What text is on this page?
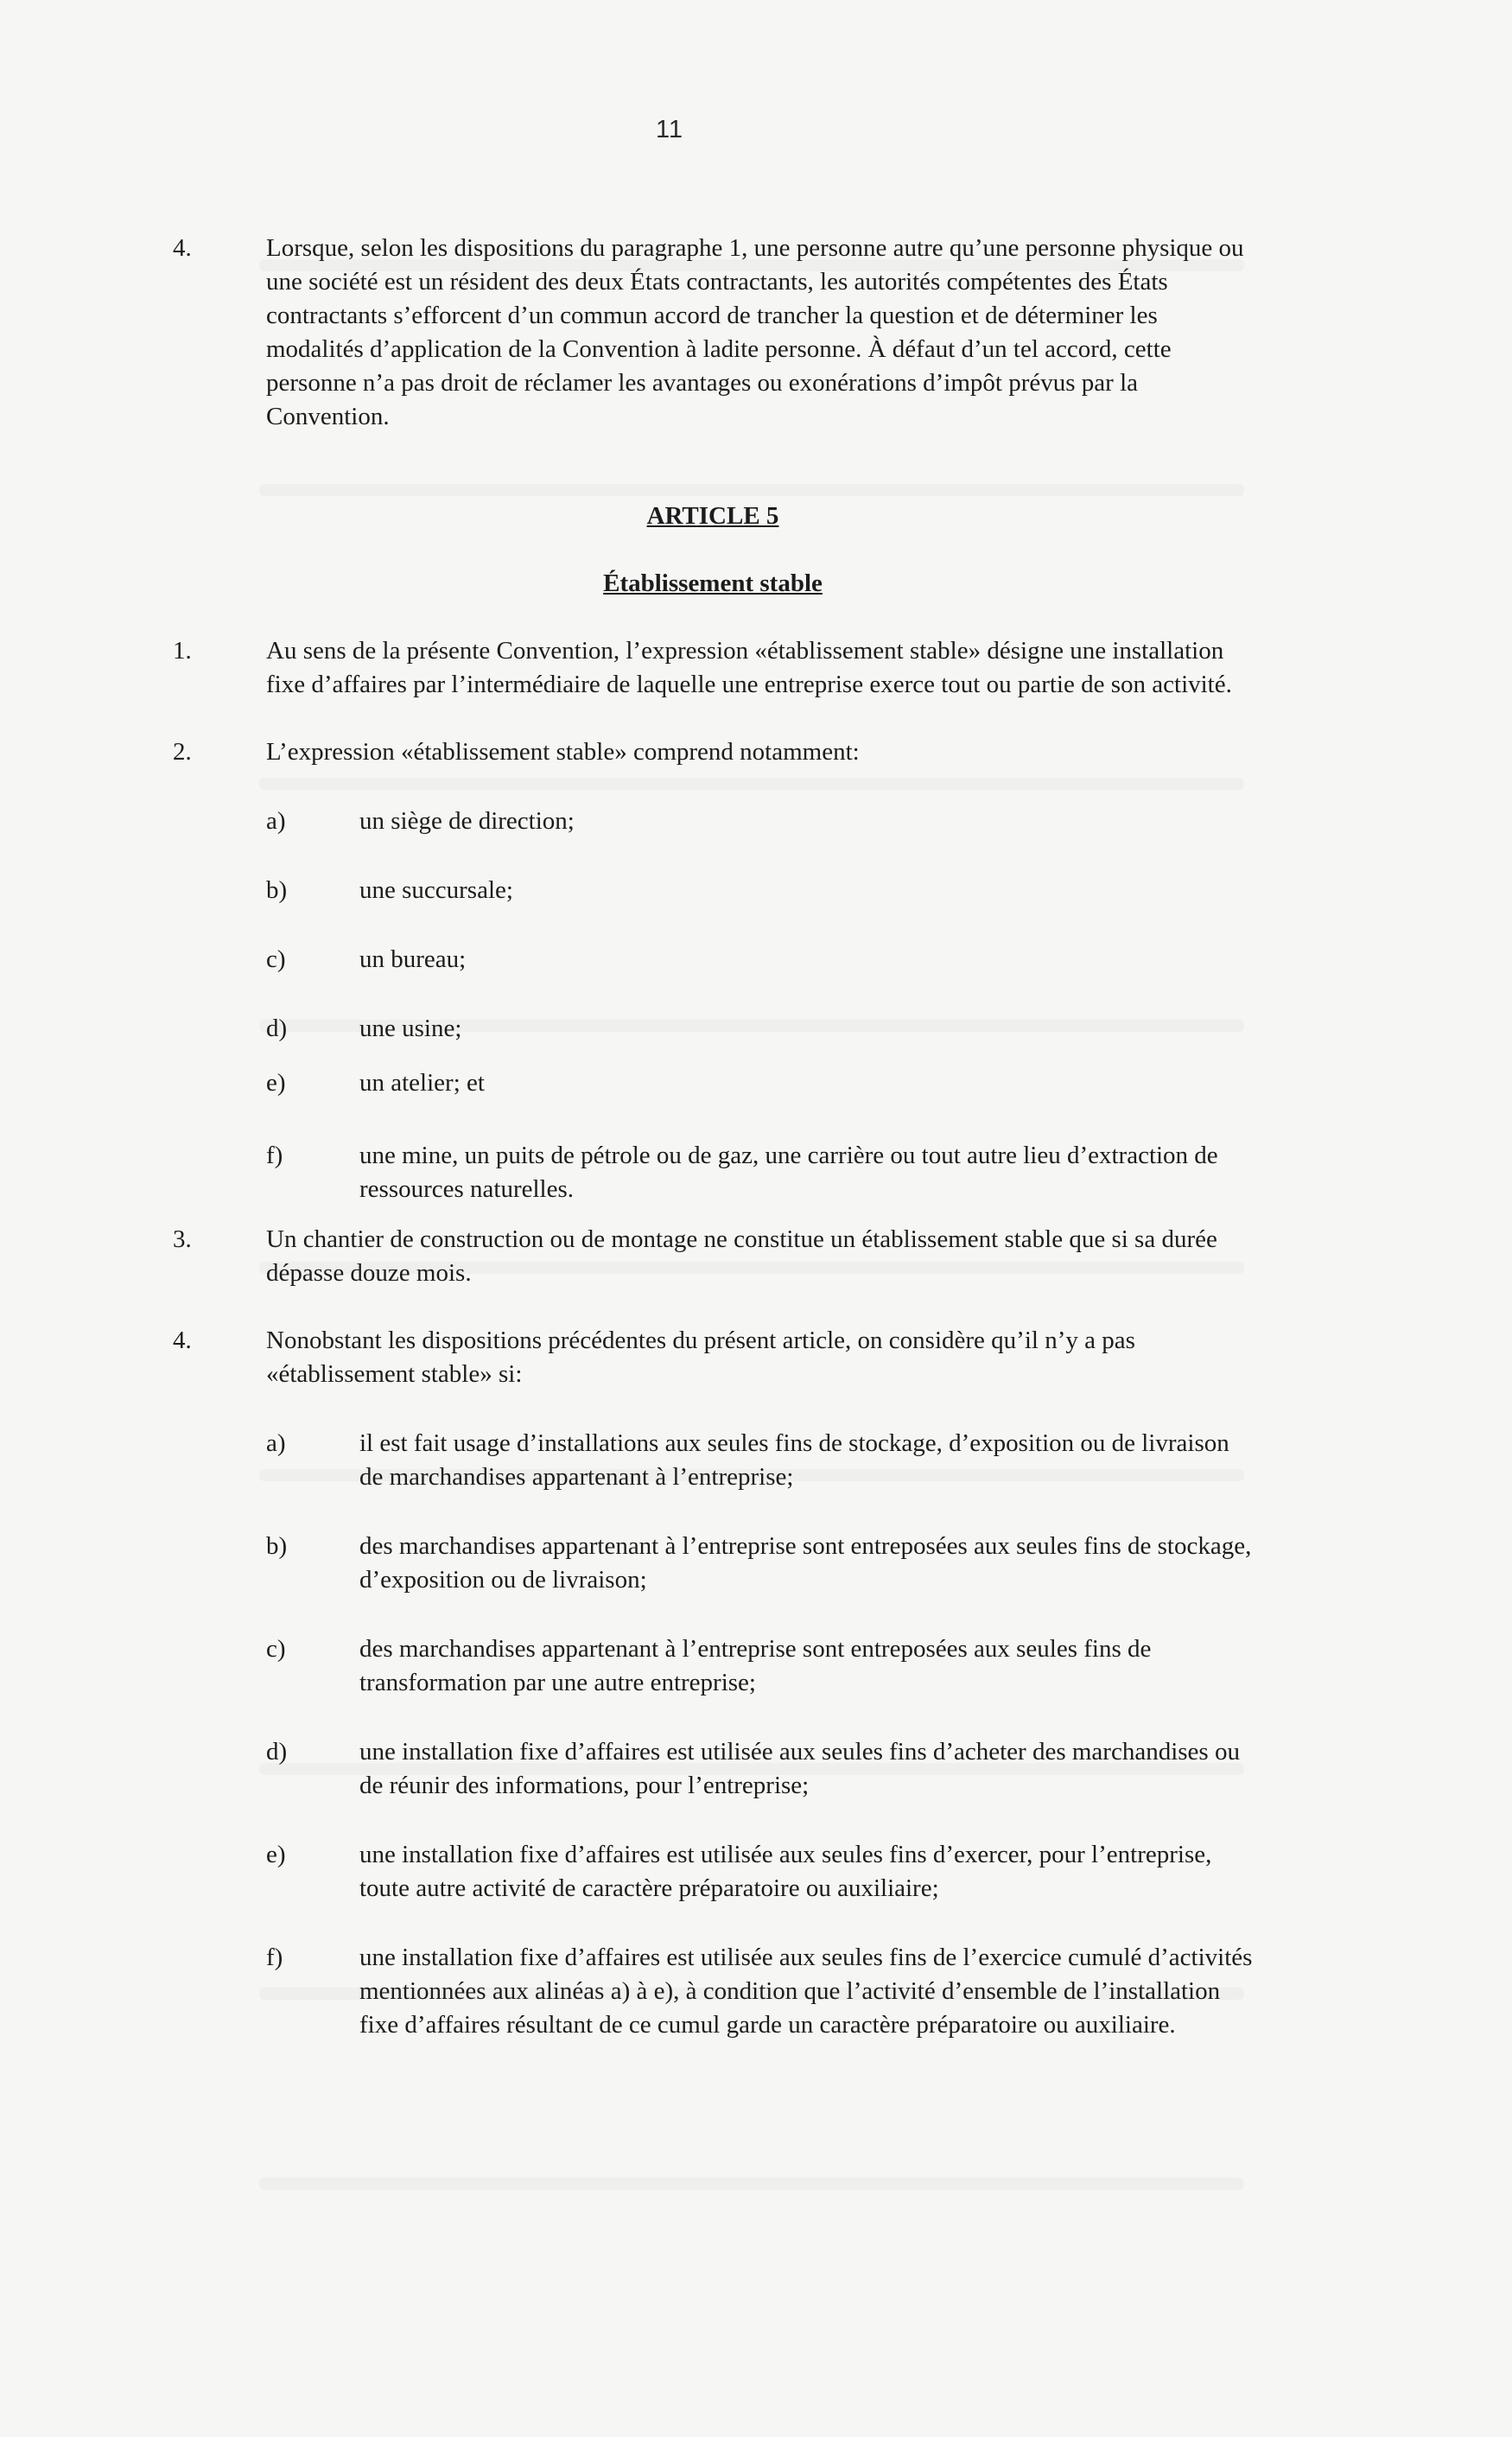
11
4.	Lorsque, selon les dispositions du paragraphe 1, une personne autre qu’une personne physique ou une société est un résident des deux États contractants, les autorités compétentes des États contractants s’efforcent d’un commun accord de trancher la question et de déterminer les modalités d’application de la Convention à ladite personne. À défaut d’un tel accord, cette personne n’a pas droit de réclamer les avantages ou exonérations d’impôt prévus par la Convention.

ARTICLE 5

Établissement stable

1.	Au sens de la présente Convention, l’expression «établissement stable» désigne une installation fixe d’affaires par l’intermédiaire de laquelle une entreprise exerce tout ou partie de son activité.
2.	L’expression «établissement stable» comprend notamment:
a)	un siège de direction;
b)	une succursale;
c)	un bureau;
d)	une usine;
e)	un atelier; et
f)	une mine, un puits de pétrole ou de gaz, une carrière ou tout autre lieu d’extraction de ressources naturelles.
3.	Un chantier de construction ou de montage ne constitue un établissement stable que si sa durée dépasse douze mois.
4.	Nonobstant les dispositions précédentes du présent article, on considère qu’il n’y a pas «établissement stable» si:
a)	il est fait usage d’installations aux seules fins de stockage, d’exposition ou de livraison de marchandises appartenant à l’entreprise;
b)	des marchandises appartenant à l’entreprise sont entreposées aux seules fins de stockage, d’exposition ou de livraison;
c)	des marchandises appartenant à l’entreprise sont entreposées aux seules fins de transformation par une autre entreprise;
d)	une installation fixe d’affaires est utilisée aux seules fins d’acheter des marchandises ou de réunir des informations, pour l’entreprise;
e)	une installation fixe d’affaires est utilisée aux seules fins d’exercer, pour l’entreprise, toute autre activité de caractère préparatoire ou auxiliaire;
f)	une installation fixe d’affaires est utilisée aux seules fins de l’exercice cumulé d’activités mentionnées aux alinéas a) à e), à condition que l’activité d’ensemble de l’installation fixe d’affaires résultant de ce cumul garde un caractère préparatoire ou auxiliaire.
